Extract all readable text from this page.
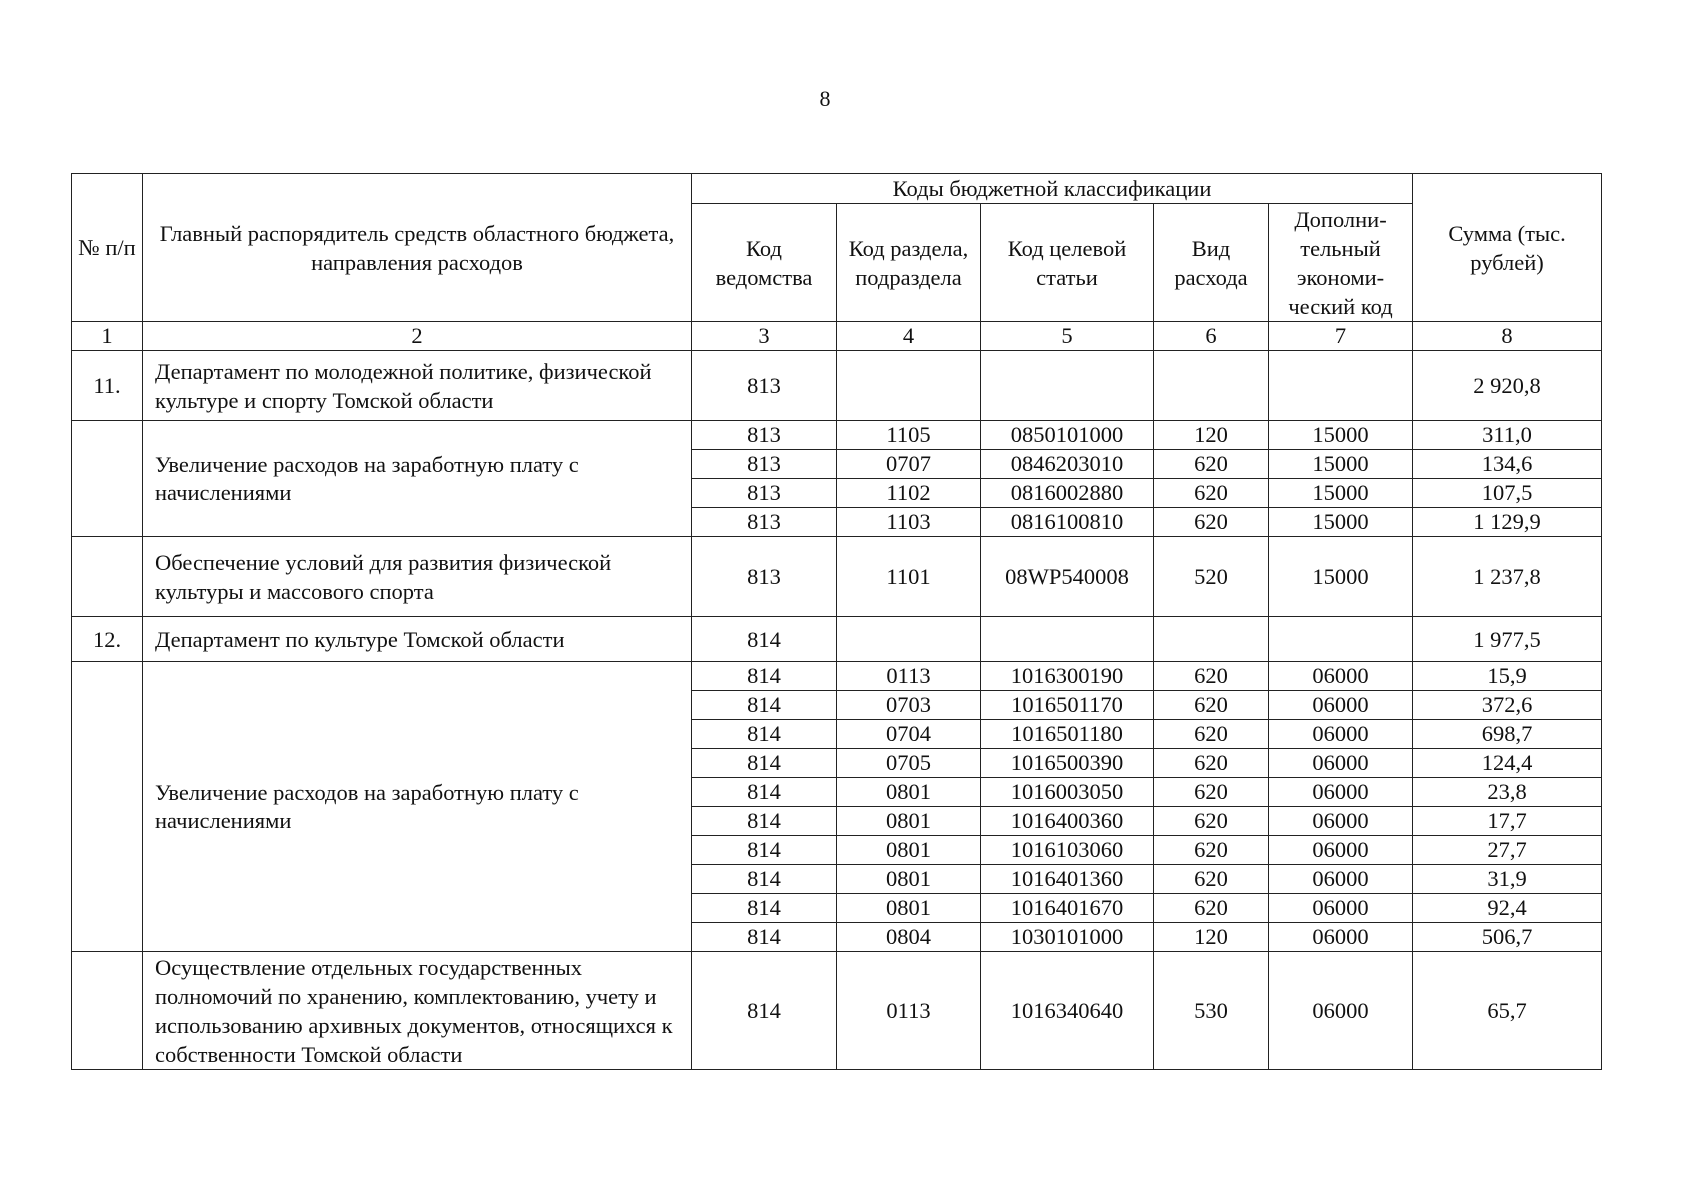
8
№ п/п	Главный распорядитель средств областного бюджета, направления расходов	Коды бюджетной классификации					Сумма (тыс. рублей)
		Код ведомства	Код раздела, подраздела	Код целевой статьи	Вид расхода	Дополни-тельный экономи-ческий код	
1	2	3	4	5	6	7	8
11.	Департамент по молодежной политике, физической культуре и спорту Томской области	813					2 920,8
	Увеличение расходов на заработную плату с начислениями	813	1105	0850101000	120	15000	311,0
		813	0707	0846203010	620	15000	134,6
		813	1102	0816002880	620	15000	107,5
		813	1103	0816100810	620	15000	1 129,9
	Обеспечение условий для развития физической культуры и массового спорта	813	1101	08WP540008	520	15000	1 237,8
12.	Департамент по культуре Томской области	814					1 977,5
	Увеличение расходов на заработную плату с начислениями	814	0113	1016300190	620	06000	15,9
		814	0703	1016501170	620	06000	372,6
		814	0704	1016501180	620	06000	698,7
		814	0705	1016500390	620	06000	124,4
		814	0801	1016003050	620	06000	23,8
		814	0801	1016400360	620	06000	17,7
		814	0801	1016103060	620	06000	27,7
		814	0801	1016401360	620	06000	31,9
		814	0801	1016401670	620	06000	92,4
		814	0804	1030101000	120	06000	506,7
	Осуществление отдельных государственных полномочий по хранению, комплектованию, учету и использованию архивных документов, относящихся к собственности Томской области	814	0113	1016340640	530	06000	65,7
